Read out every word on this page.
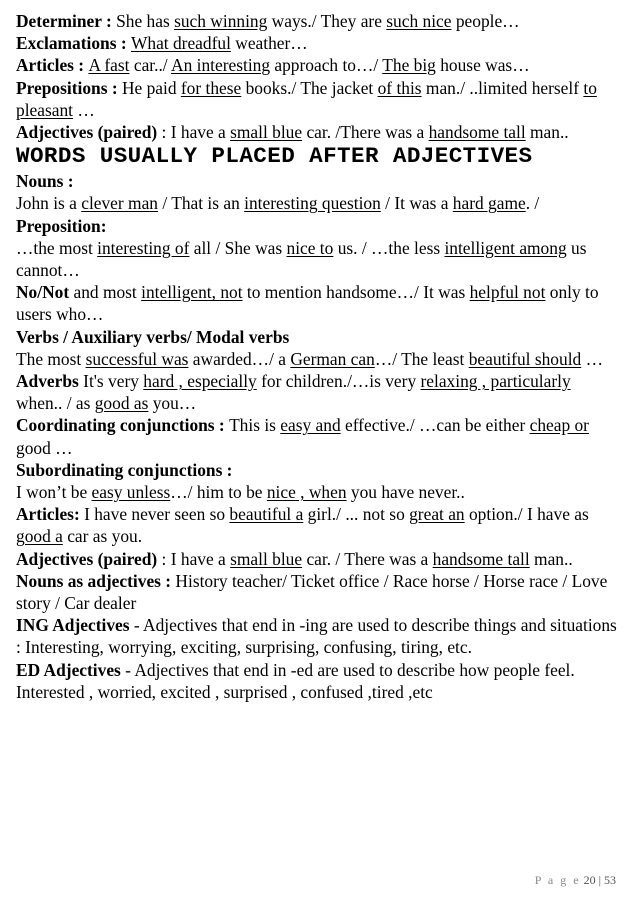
Determiner : She has such winning ways./ They are such nice people…

Exclamations : What dreadful weather…

Articles : A fast car../ An interesting approach to…/ The big house was…

Prepositions : He paid for these books./ The jacket of this man./ ..limited herself to pleasant …

Adjectives (paired) : I have a small blue car. /There was a handsome tall man..

WORDS USUALLY PLACED AFTER ADJECTIVES

Nouns :

John is a clever man / That is an interesting question / It was a hard game. /

Preposition:

…the most interesting of all / She was nice to us. / …the less intelligent among us cannot…

No/Not and most intelligent, not to mention handsome…/ It was helpful not only to users who…

Verbs / Auxiliary verbs/ Modal verbs

The most successful was awarded…/ a German can…/ The least beautiful should …

Adverbs It's very hard , especially for children./…is very relaxing , particularly when.. / as good as you…

Coordinating conjunctions : This is easy and effective./ …can be either cheap or good …

Subordinating conjunctions :

I won’t be easy unless…/ him to be nice , when you have never..

Articles: I have never seen so beautiful a girl./ ... not so great an option./ I have as good a car as you.

Adjectives (paired) : I have a small blue car. / There was a handsome tall man..

Nouns as adjectives : History teacher/ Ticket office / Race horse / Horse race / Love story / Car dealer

ING Adjectives - Adjectives that end in -ing are used to describe things and situations : Interesting, worrying, exciting, surprising, confusing, tiring, etc.

ED Adjectives - Adjectives that end in -ed are used to describe how people feel.

Interested , worried, excited , surprised , confused ,tired ,etc

P a g e 20 | 53
